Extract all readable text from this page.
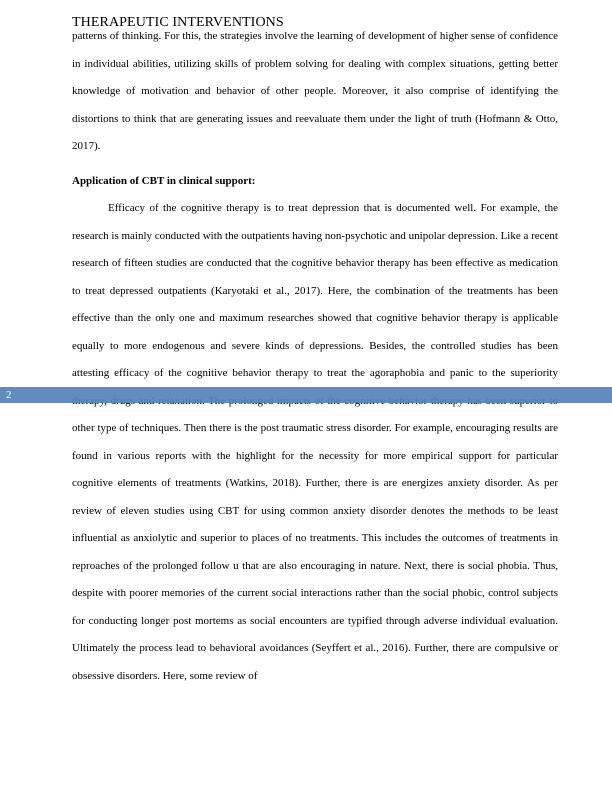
THERAPEUTIC INTERVENTIONS

patterns of thinking. For this, the strategies involve the learning of development of higher sense of confidence in individual abilities, utilizing skills of problem solving for dealing with complex situations, getting better knowledge of motivation and behavior of other people. Moreover, it also comprise of identifying the distortions to think that are generating issues and reevaluate them under the light of truth (Hofmann & Otto, 2017).

Application of CBT in clinical support:

Efficacy of the cognitive therapy is to treat depression that is documented well. For example, the research is mainly conducted with the outpatients having non-psychotic and unipolar depression. Like a recent research of fifteen studies are conducted that the cognitive behavior therapy has been effective as medication to treat depressed outpatients (Karyotaki et al., 2017). Here, the combination of the treatments has been effective than the only one and maximum researches showed that cognitive behavior therapy is applicable equally to more endogenous and severe kinds of depressions. Besides, the controlled studies has been attesting efficacy of the cognitive behavior therapy to treat the agoraphobia and panic to the superiority other type of techniques. Then there is the post traumatic stress disorder. For example, encouraging results are found in various reports with the highlight for the necessity for more empirical support for particular cognitive elements of treatments (Watkins, 2018). Further, there is are energizes anxiety disorder. As per review of eleven studies using CBT for using common anxiety disorder denotes the methods to be least influential as anxiolytic and superior to places of no treatments. This includes the outcomes of treatments in reproaches of the prolonged follow u that are also encouraging in nature. Next, there is social phobia. Thus, despite with poorer memories of the current social interactions rather than the social phobic, control subjects for conducting longer post mortems as social encounters are typified through adverse individual evaluation. Ultimately the process lead to behavioral avoidances (Seyffert et al., 2016). Further, there are compulsive or obsessive disorders. Here, some review of

2
